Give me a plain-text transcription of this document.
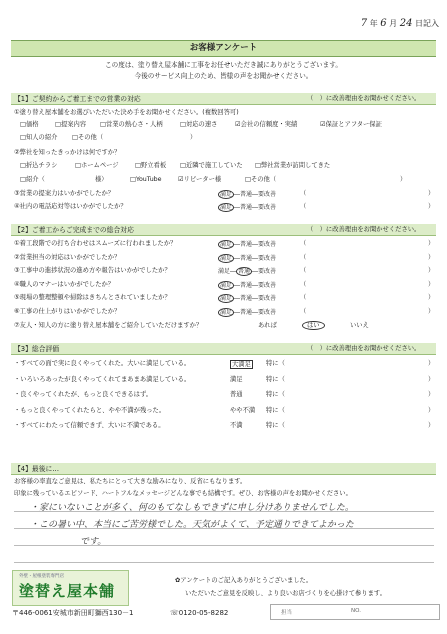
7 年 6 月 24 日記入
お客様アンケート
この度は、塗り替え屋本舗に工事をお任せいただき誠にありがとうございます。
今後のサービス向上のため、皆様の声をお聞かせください。
【1】ご契約からご着工までの営業の対応	（　）に改善理由をお聞かせください。
①塗り替え屋本舗をお選びいただいた決め手をお聞かせください。(複数回答可)
□価格	□提案内容 □営業の熱心さ・人柄	□対応の速さ	☑会社の信頼度・実績	☑保証とアフター保証
□知人の紹介 □その他（	）
②弊社を知ったきっかけは何ですか？
□折込チラシ	□ホームページ	□野立看板 □近隣で施工していた □弊社営業が訪問してきた
□紹介（	様）	□YouTube	☑リピーター様	□その他（	）
③営業の提案力はいかがでしたか？	満足 ―普通―要改善	（	）
④社内の電話応対等はいかがでしたか？	満足 ―普通―要改善	（	）
【2】ご着工からご完成までの総合対応	（　）に改善理由をお聞かせください。
①着工段階での打ち合わせはスムーズに行われましたか？	満足 ―普通―要改善	（	）
②営業担当の対応はいかがでしたか？	満足 ―普通―要改善	（	）
③工事中の進捗状況の進め方や報告はいかがでしたか？	満足― 普通 ―要改善	（	）
④職人のマナーはいかがでしたか？	満足 ―普通―要改善	（	）
⑤現場の整理整頓や掃除はきちんとされていましたか？	満足 ―普通―要改善	（	）
⑥工事の仕上がりはいかがでしたか？	満足 ―普通―要改善	（	）
⑦友人・知人の方に塗り替え屋本舗をご紹介していただけますか？	あれば	はい	いいえ
【3】総合評価	（　）に改善理由をお聞かせください。
・すべての面で実に良くやってくれた。大いに満足している。	大満足	特に（	）
・いろいろあったが良くやってくれてまあまあ満足している。	満足	特に（	）
・良くやってくれたが、もっと良くできるはず。	普通	特に（	）
・もっと良くやってくれたらと、やや不満が残った。	やや不満 特に（	）
・すべてにわたって信頼できず、大いに不満である。	不満	特に（	）
【4】最後に…
お客様の率直なご意見は、私たちにとって大きな励みになり、反省にもなります。
印象に残っているエピソード、ハートフルなメッセージどんな事でも結構です。ぜひ、お客様の声をお聞かせください。
・家にいないことが多く、何のもてなしもできずに申し分けありませんでした。
・この暑い中、本当にご苦労様でした。天気がよくて、予定通りできてよかった
です。
外壁・屋根塗装専門店
塗替え屋本舗
✿アンケートのご記入ありがとうございました。
いただいたご意見を反映し、より良いお店づくりを心掛けて参ります。
〒446-0061安城市新田町獅西130－1	☏0120-05-8282	担当	NO.
